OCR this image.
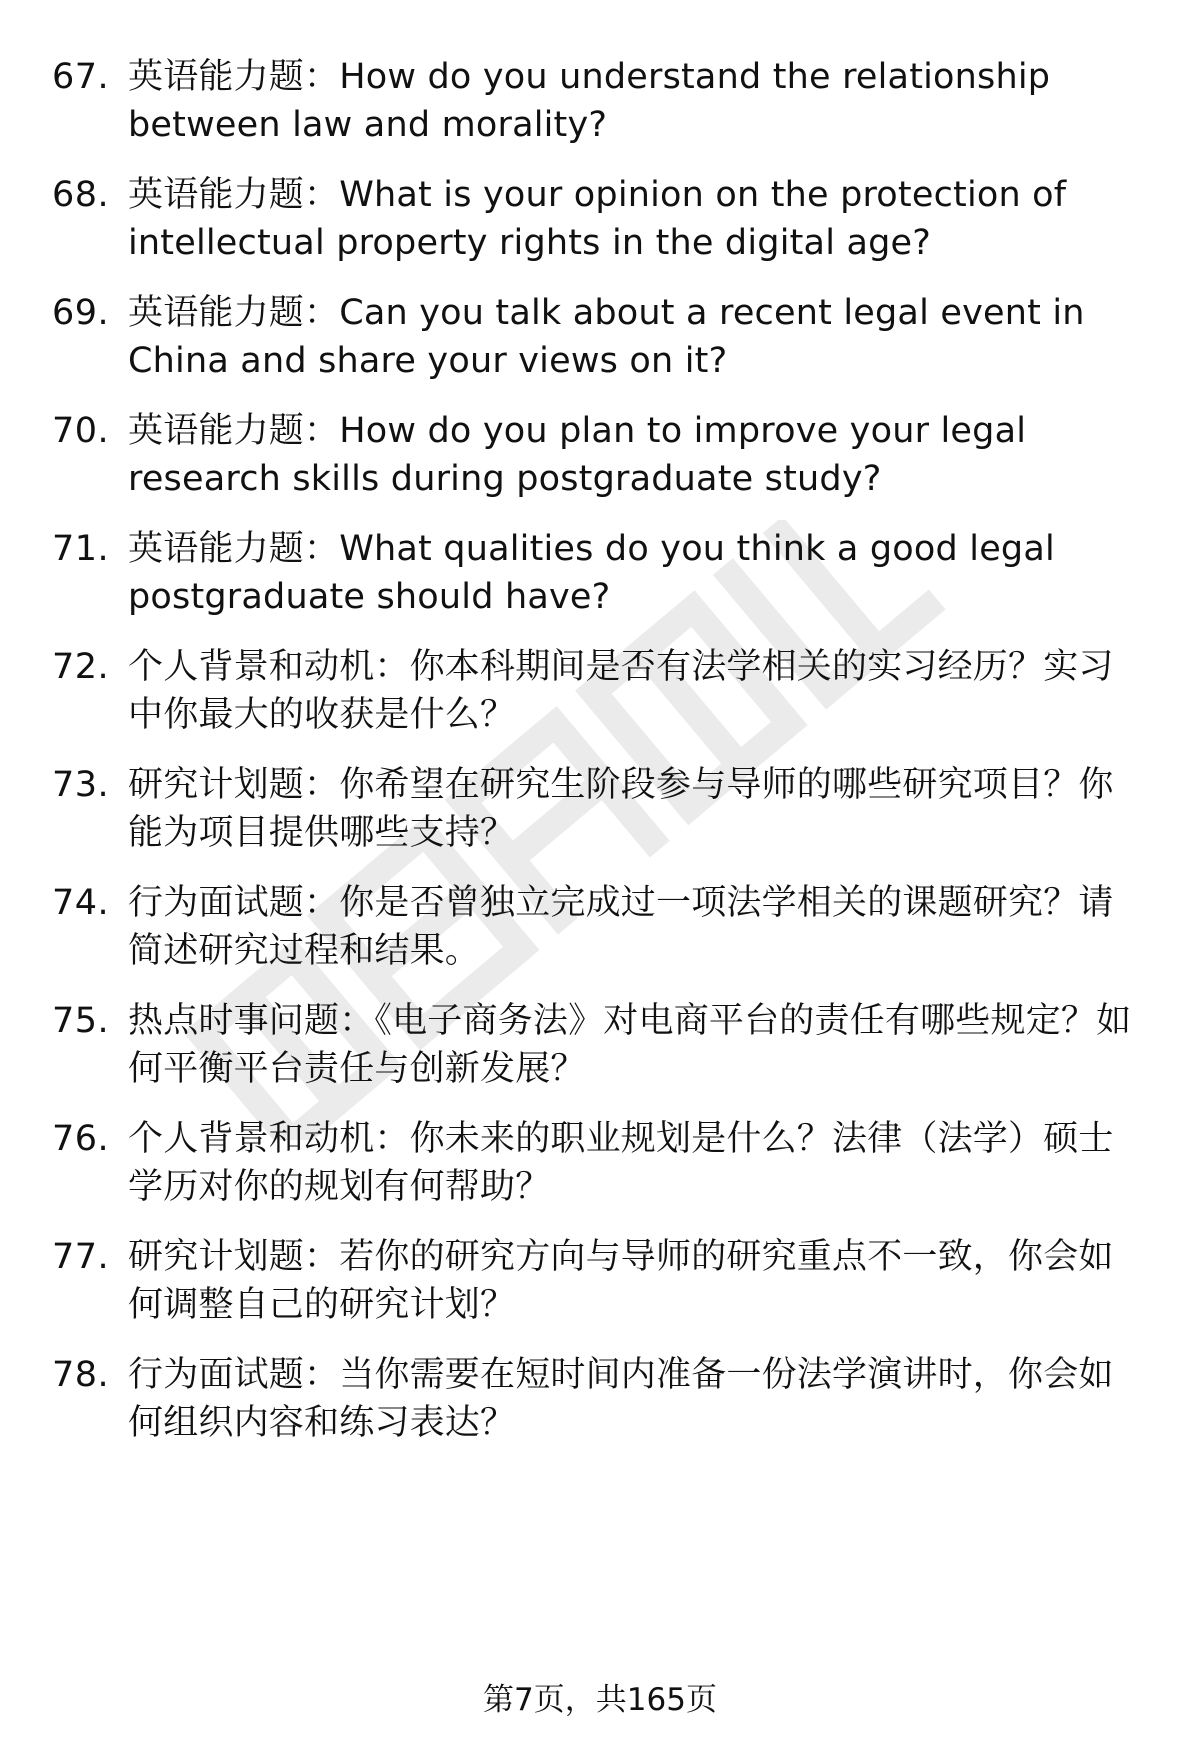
67. 英语能力题：How do you understand the relationship between law and morality?
68. 英语能力题：What is your opinion on the protection of intellectual property rights in the digital age?
69. 英语能力题：Can you talk about a recent legal event in China and share your views on it?
70. 英语能力题：How do you plan to improve your legal research skills during postgraduate study?
71. 英语能力题：What qualities do you think a good legal postgraduate should have?
72. 个人背景和动机：你本科期间是否有法学相关的实习经历？实习中你最大的收获是什么？
73. 研究计划题：你希望在研究生阶段参与导师的哪些研究项目？你能为项目提供哪些支持？
74. 行为面试题：你是否曾独立完成过一项法学相关的课题研究？请简述研究过程和结果。
75. 热点时事问题：《电子商务法》对电商平台的责任有哪些规定？如何平衡平台责任与创新发展？
76. 个人背景和动机：你未来的职业规划是什么？法律（法学）硕士学历对你的规划有何帮助？
77. 研究计划题：若你的研究方向与导师的研究重点不一致，你会如何调整自己的研究计划？
78. 行为面试题：当你需要在短时间内准备一份法学演讲时，你会如何组织内容和练习表达？
第7页，共165页
